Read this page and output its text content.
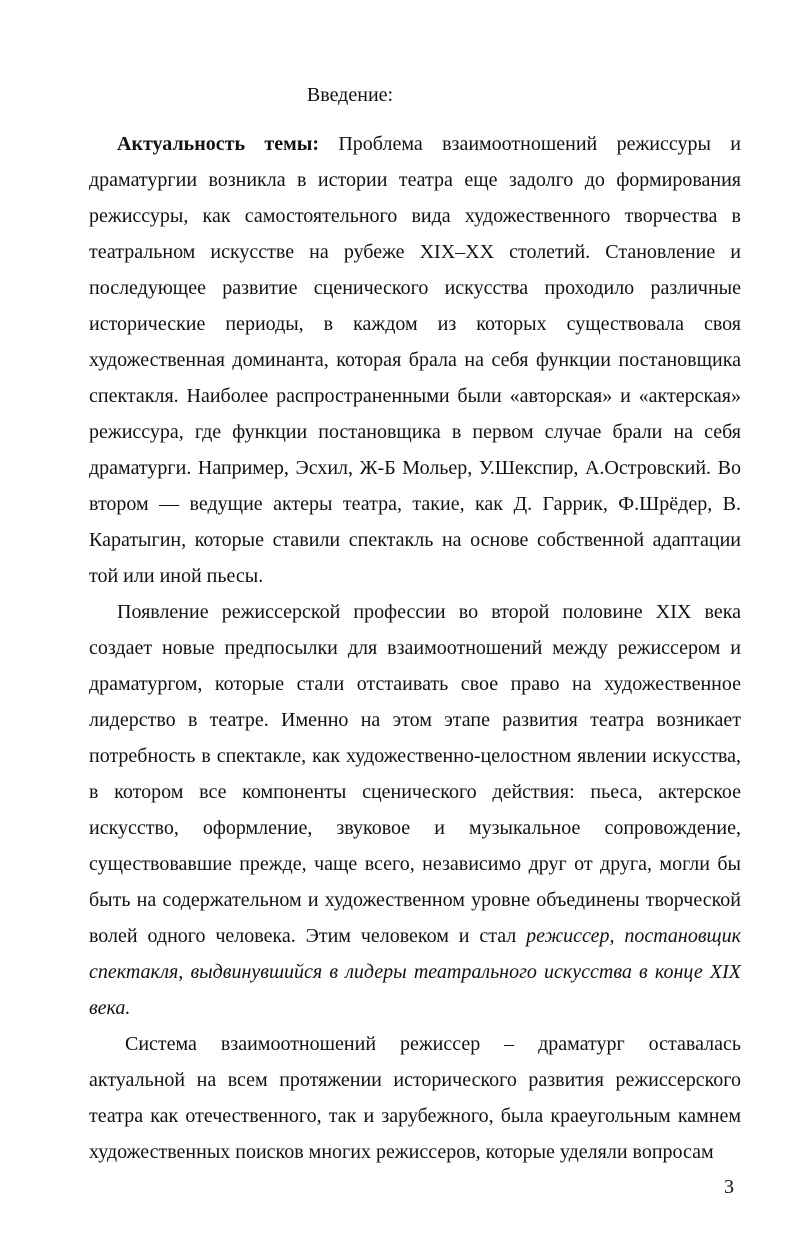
Введение:

Актуальность темы: Проблема взаимоотношений режиссуры и драматургии возникла в истории театра еще задолго до формирования режиссуры, как самостоятельного вида художественного творчества в театральном искусстве на рубеже XIX–XX столетий. Становление и последующее развитие сценического искусства проходило различные исторические периоды, в каждом из которых существовала своя художественная доминанта, которая брала на себя функции постановщика спектакля. Наиболее распространенными были «авторская» и «актерская» режиссура, где функции постановщика в первом случае брали на себя драматурги. Например, Эсхил, Ж-Б Мольер, У.Шекспир, А.Островский. Во втором — ведущие актеры театра, такие, как Д. Гаррик, Ф.Шрёдер, В. Каратыгин, которые ставили спектакль на основе собственной адаптации той или иной пьесы.

Появление режиссерской профессии во второй половине XIX века создает новые предпосылки для взаимоотношений между режиссером и драматургом, которые стали отстаивать свое право на художественное лидерство в театре. Именно на этом этапе развития театра возникает потребность в спектакле, как художественно-целостном явлении искусства, в котором все компоненты сценического действия: пьеса, актерское искусство, оформление, звуковое и музыкальное сопровождение, существовавшие прежде, чаще всего, независимо друг от друга, могли бы быть на содержательном и художественном уровне объединены творческой волей одного человека. Этим человеком и стал режиссер, постановщик спектакля, выдвинувшийся в лидеры театрального искусства в конце XIX века.

Система взаимоотношений режиссер – драматург оставалась актуальной на всем протяжении исторического развития режиссерского театра как отечественного, так и зарубежного, была краеугольным камнем художественных поисков многих режиссеров, которые уделяли вопросам

3
